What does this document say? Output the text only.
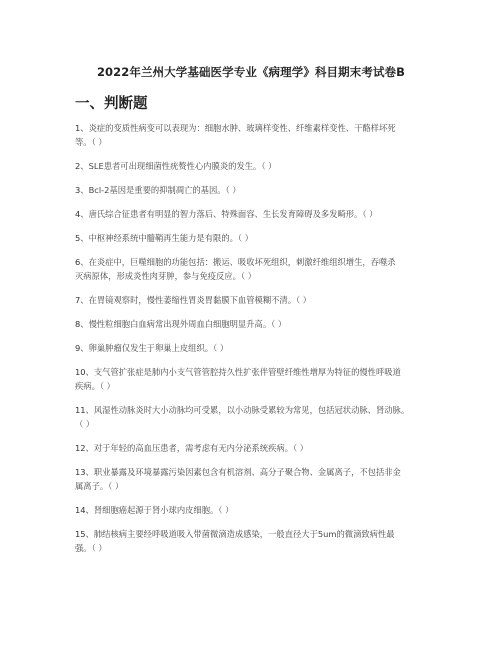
2022年兰州大学基础医学专业《病理学》科目期末考试卷B
一、判断题
1、炎症的变质性病变可以表现为：细胞水肿、玻璃样变性、纤维素样变性、干酪样坏死
等。（ ）
2、SLE患者可出现细菌性疣赘性心内膜炎的发生。（ ）
3、Bcl-2基因是重要的抑制凋亡的基因。（ ）
4、唐氏综合征患者有明显的智力落后、特殊面容、生长发育障碍及多发畸形。（ ）
5、中枢神经系统中髓鞘再生能力是有限的。（ ）
6、在炎症中，巨噬细胞的功能包括：搬运、吸收坏死组织，刺激纤维组织增生，吞噬杀
灭病原体，形成炎性肉芽肿，参与免疫反应。（ ）
7、在胃镜观察时，慢性萎缩性胃炎胃黏膜下血管模糊不清。（ ）
8、慢性粒细胞白血病常出现外周血白细胞明显升高。（ ）
9、卵巢肿瘤仅发生于卵巢上皮组织。（ ）
10、支气管扩张症是肺内小支气管管腔持久性扩张伴管壁纤维性增厚为特征的慢性呼吸道
疾病。（ ）
11、风湿性动脉炎时大小动脉均可受累，以小动脉受累较为常见，包括冠状动脉、肾动脉。
（ ）
12、对于年轻的高血压患者，需考虑有无内分泌系统疾病。（ ）
13、职业暴露及环境暴露污染因素包含有机溶剂、高分子聚合物、金属离子，不包括非金
属离子。（ ）
14、肾细胞癌起源于肾小球内皮细胞。（ ）
15、肺结核病主要经呼吸道吸入带菌微滴造成感染，一般直径大于5um的微滴致病性最
强。（ ）
